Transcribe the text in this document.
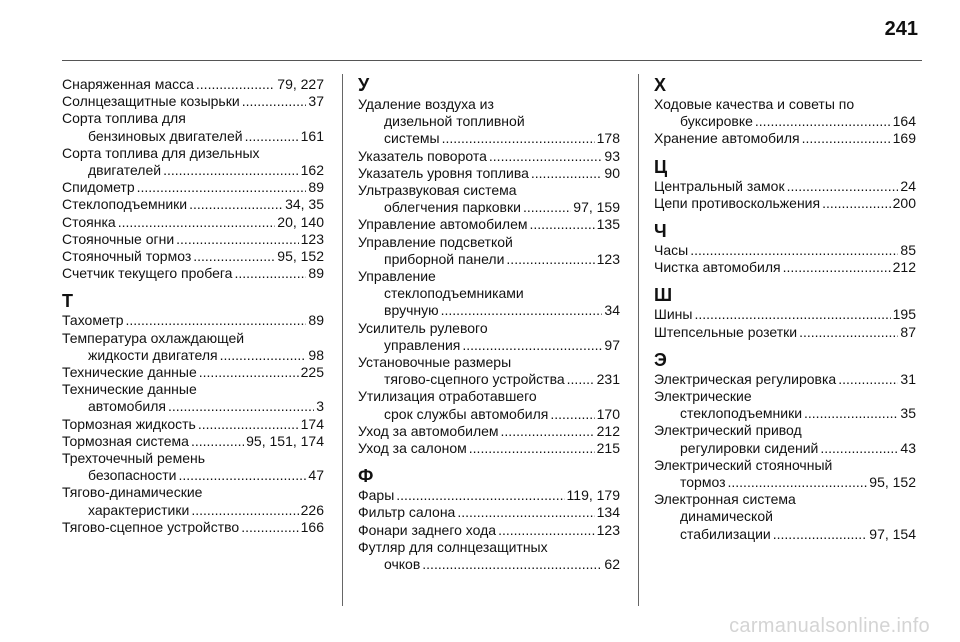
241
Снаряженная масса .....	79, 227
Солнцезащитные козырьки .....	37
Сорта топлива для
бензиновых двигателей .....	161
Сорта топлива для дизельных
двигателей .....	162
Спидометр .....	89
Стеклоподъемники .....	34, 35
Стоянка .....	20, 140
Стояночные огни .....	123
Стояночный тормоз .....	95, 152
Счетчик текущего пробега .....	89
Т
Тахометр .....	89
Температура охлаждающей
жидкости двигателя .....	98
Технические данные .....	225
Технические данные
автомобиля .....	3
Тормозная жидкость .....	174
Тормозная система .....	95, 151, 174
Трехточечный ремень
безопасности .....	47
Тягово-динамические
характеристики .....	226
Тягово-сцепное устройство .....	166
У
Удаление воздуха из
дизельной топливной
системы .....	178
Указатель поворота .....	93
Указатель уровня топлива .....	90
Ультразвуковая система
облегчения парковки .....	97, 159
Управление автомобилем .....	135
Управление подсветкой
приборной панели .....	123
Управление
стеклоподъемниками
вручную .....	34
Усилитель рулевого
управления .....	97
Установочные размеры
тягово-сцепного устройства ..... 231
Утилизация отработавшего
срок службы автомобиля .....	170
Уход за автомобилем .....	212
Уход за салоном .....	215
Ф
Фары .....	119, 179
Фильтр салона .....	134
Фонари заднего хода .....	123
Футляр для солнцезащитных
очков .....	62
Х
Ходовые качества и советы по
буксировке .....	164
Хранение автомобиля .....	169
Ц
Центральный замок .....	24
Цепи противоскольжения .....	200
Ч
Часы .....	85
Чистка автомобиля .....	212
Ш
Шины .....	195
Штепсельные розетки .....	87
Э
Электрическая регулировка .....	31
Электрические
стеклоподъемники .....	35
Электрический привод
регулировки сидений .....	43
Электрический стояночный
тормоз .....	95, 152
Электронная система
динамической
стабилизации .....	97, 154
carmanualsonline.info
